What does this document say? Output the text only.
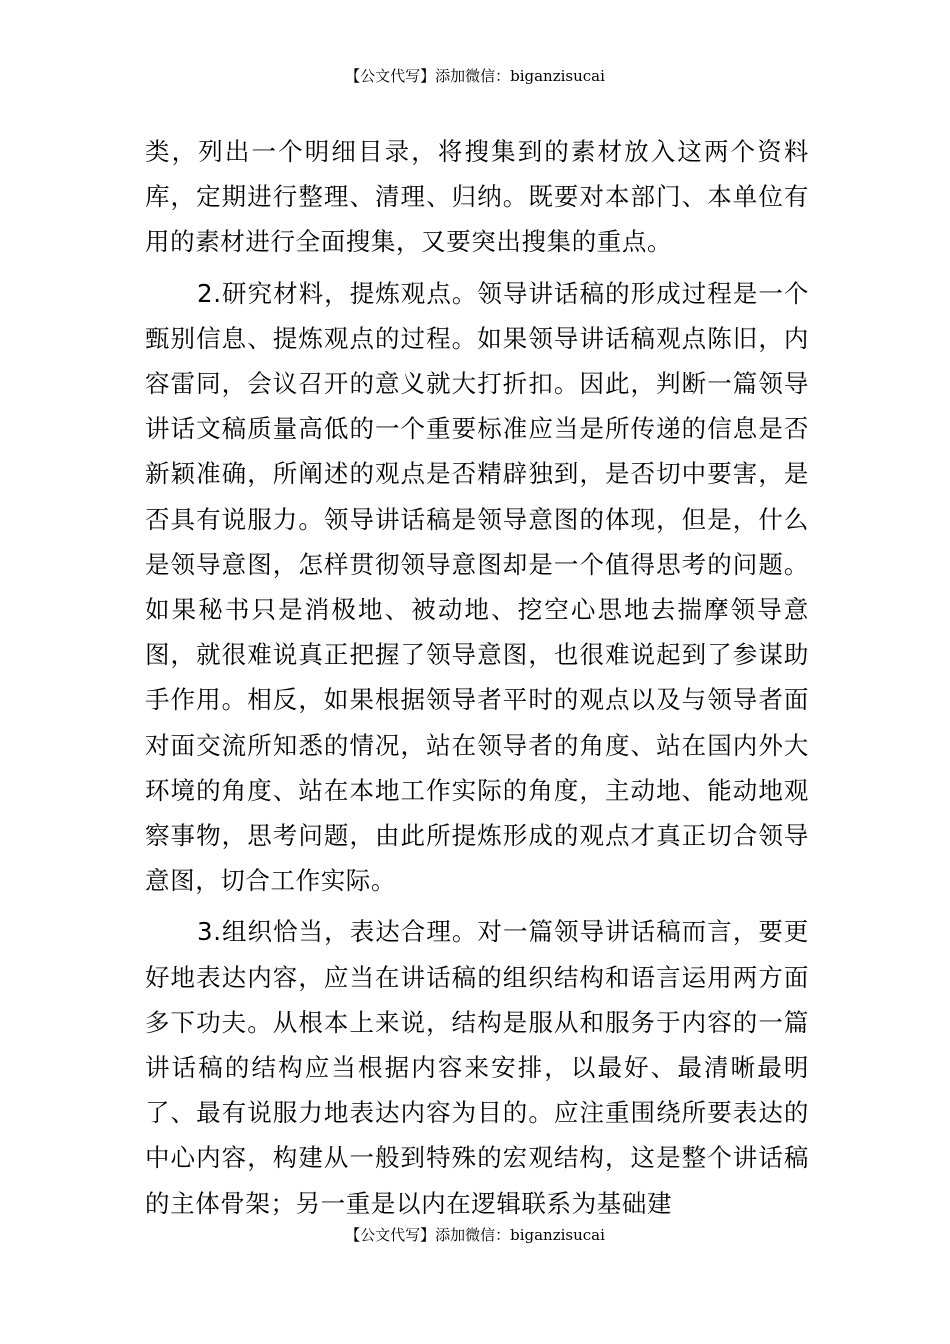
【公文代写】添加微信：biganzisucai

类，列出一个明细目录，将搜集到的素材放入这两个资料库，定期进行整理、清理、归纳。既要对本部门、本单位有用的素材进行全面搜集，又要突出搜集的重点。

2.研究材料，提炼观点。领导讲话稿的形成过程是一个甄别信息、提炼观点的过程。如果领导讲话稿观点陈旧，内容雷同，会议召开的意义就大打折扣。因此，判断一篇领导讲话文稿质量高低的一个重要标准应当是所传递的信息是否新颖准确，所阐述的观点是否精辟独到，是否切中要害，是否具有说服力。领导讲话稿是领导意图的体现，但是，什么是领导意图，怎样贯彻领导意图却是一个值得思考的问题。如果秘书只是消极地、被动地、挖空心思地去揣摩领导意图，就很难说真正把握了领导意图，也很难说起到了参谋助手作用。相反，如果根据领导者平时的观点以及与领导者面对面交流所知悉的情况，站在领导者的角度、站在国内外大环境的角度、站在本地工作实际的角度，主动地、能动地观察事物，思考问题，由此所提炼形成的观点才真正切合领导意图，切合工作实际。

3.组织恰当，表达合理。对一篇领导讲话稿而言，要更好地表达内容，应当在讲话稿的组织结构和语言运用两方面多下功夫。从根本上来说，结构是服从和服务于内容的一篇讲话稿的结构应当根据内容来安排，以最好、最清晰最明了、最有说服力地表达内容为目的。应注重围绕所要表达的中心内容，构建从一般到特殊的宏观结构，这是整个讲话稿的主体骨架；另一重是以内在逻辑联系为基础建

【公文代写】添加微信：biganzisucai
